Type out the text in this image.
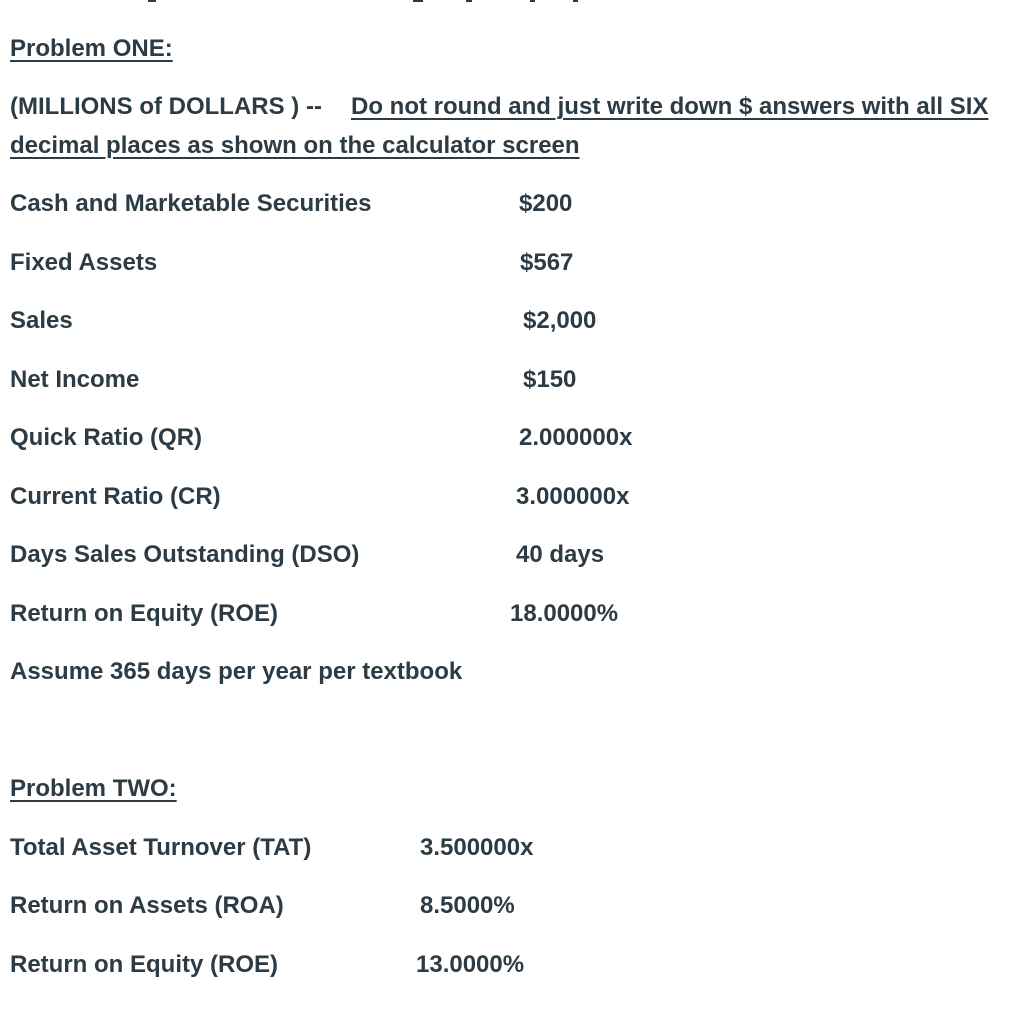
Problem ONE:
(MILLIONS of DOLLARS ) -- Do not round and just write down $ answers with all SIX
decimal places as shown on the calculator screen
Cash and Marketable Securities	$200
Fixed Assets	$567
Sales	$2,000
Net Income	$150
Quick Ratio (QR)	2.000000x
Current Ratio (CR)	3.000000x
Days Sales Outstanding (DSO)	40 days
Return on Equity (ROE)	18.0000%
Assume 365 days per year per textbook
Problem TWO:
Total Asset Turnover (TAT)	3.500000x
Return on Assets (ROA)	8.5000%
Return on Equity (ROE)	13.0000%
